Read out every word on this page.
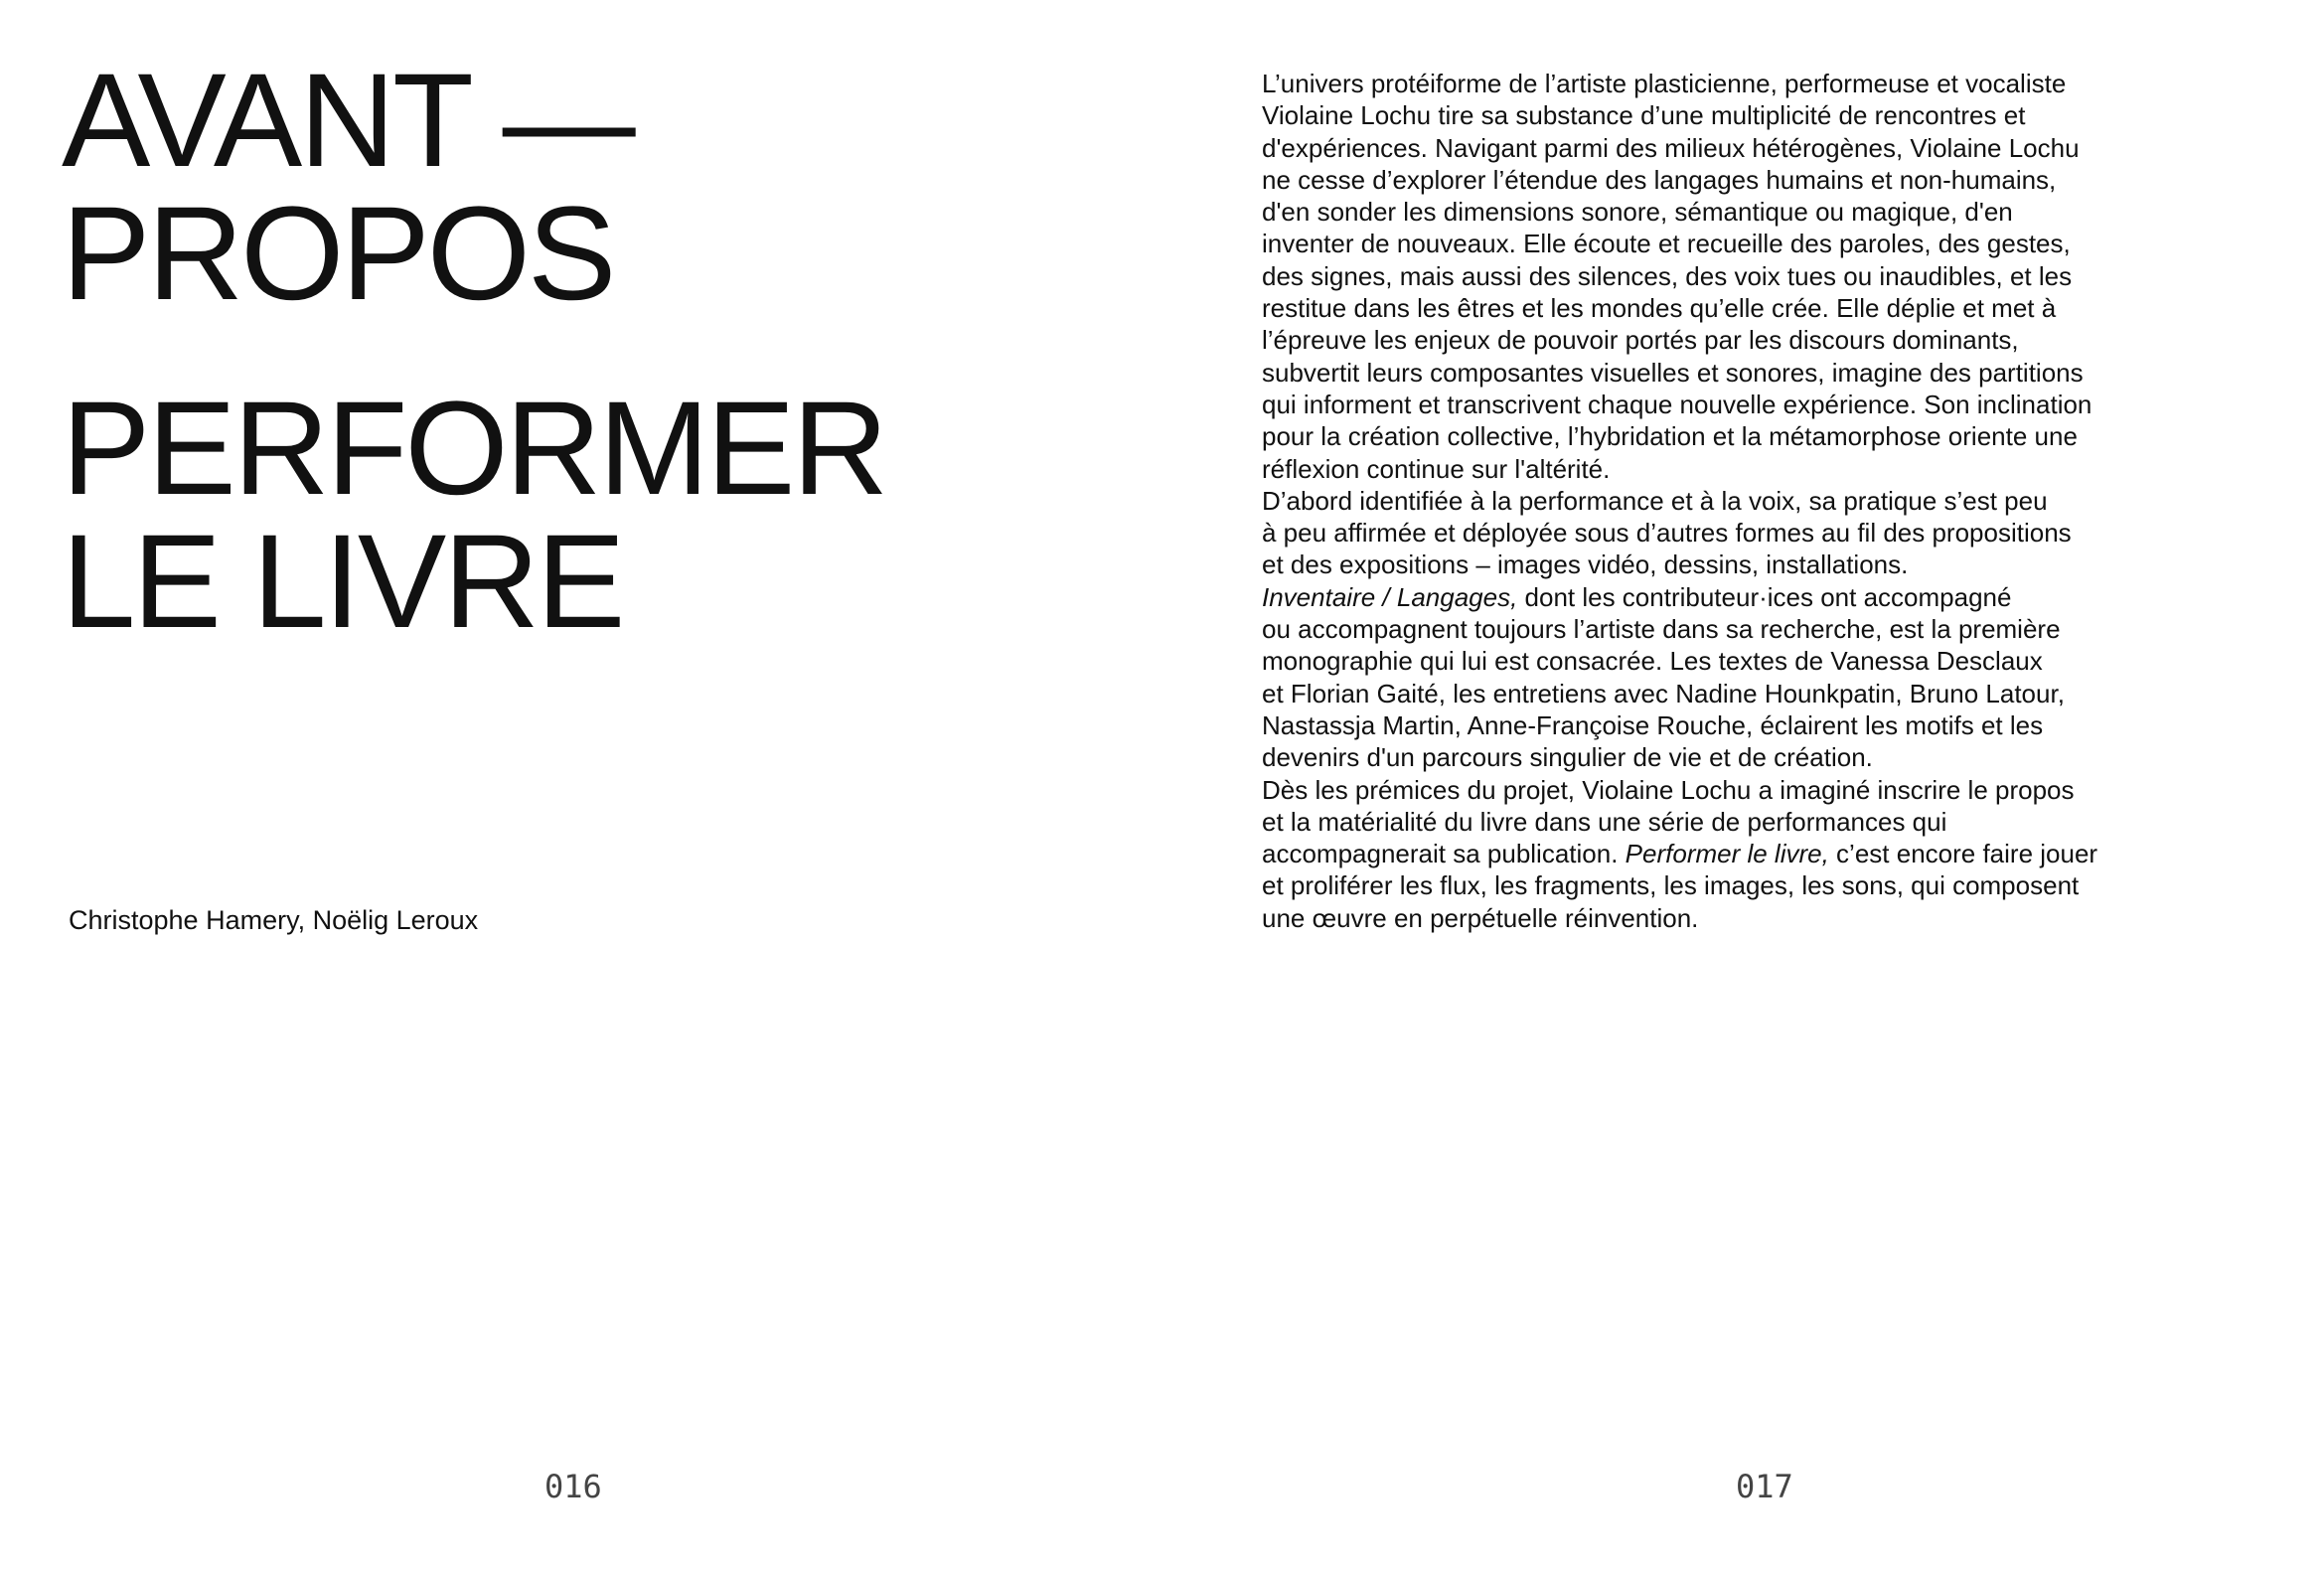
AVANT —
PROPOS
PERFORMER
LE LIVRE
Christophe Hamery, Noëlig Leroux
016

L’univers protéiforme de l’artiste plasticienne, performeuse et vocaliste
Violaine Lochu tire sa substance d’une multiplicité de rencontres et
d'expériences. Navigant parmi des milieux hétérogènes, Violaine Lochu
ne cesse d’explorer l’étendue des langages humains et non-humains,
d'en sonder les dimensions sonore, sémantique ou magique, d'en
inventer de nouveaux. Elle écoute et recueille des paroles, des gestes,
des signes, mais aussi des silences, des voix tues ou inaudibles, et les
restitue dans les êtres et les mondes qu’elle crée. Elle déplie et met à
l’épreuve les enjeux de pouvoir portés par les discours dominants,
subvertit leurs composantes visuelles et sonores, imagine des partitions
qui informent et transcrivent chaque nouvelle expérience. Son inclination
pour la création collective, l’hybridation et la métamorphose oriente une
réflexion continue sur l'altérité.

D’abord identifiée à la performance et à la voix, sa pratique s’est peu
à peu affirmée et déployée sous d’autres formes au fil des propositions
et des expositions – images vidéo, dessins, installations.

Inventaire / Langages, dont les contributeur·ices ont accompagné
ou accompagnent toujours l’artiste dans sa recherche, est la première
monographie qui lui est consacrée. Les textes de Vanessa Desclaux
et Florian Gaité, les entretiens avec Nadine Hounkpatin, Bruno Latour,
Nastassja Martin, Anne-Françoise Rouche, éclairent les motifs et les
devenirs d'un parcours singulier de vie et de création.

Dès les prémices du projet, Violaine Lochu a imaginé inscrire le propos
et la matérialité du livre dans une série de performances qui
accompagnerait sa publication. Performer le livre, c’est encore faire jouer
et proliférer les flux, les fragments, les images, les sons, qui composent
une œuvre en perpétuelle réinvention.

017
